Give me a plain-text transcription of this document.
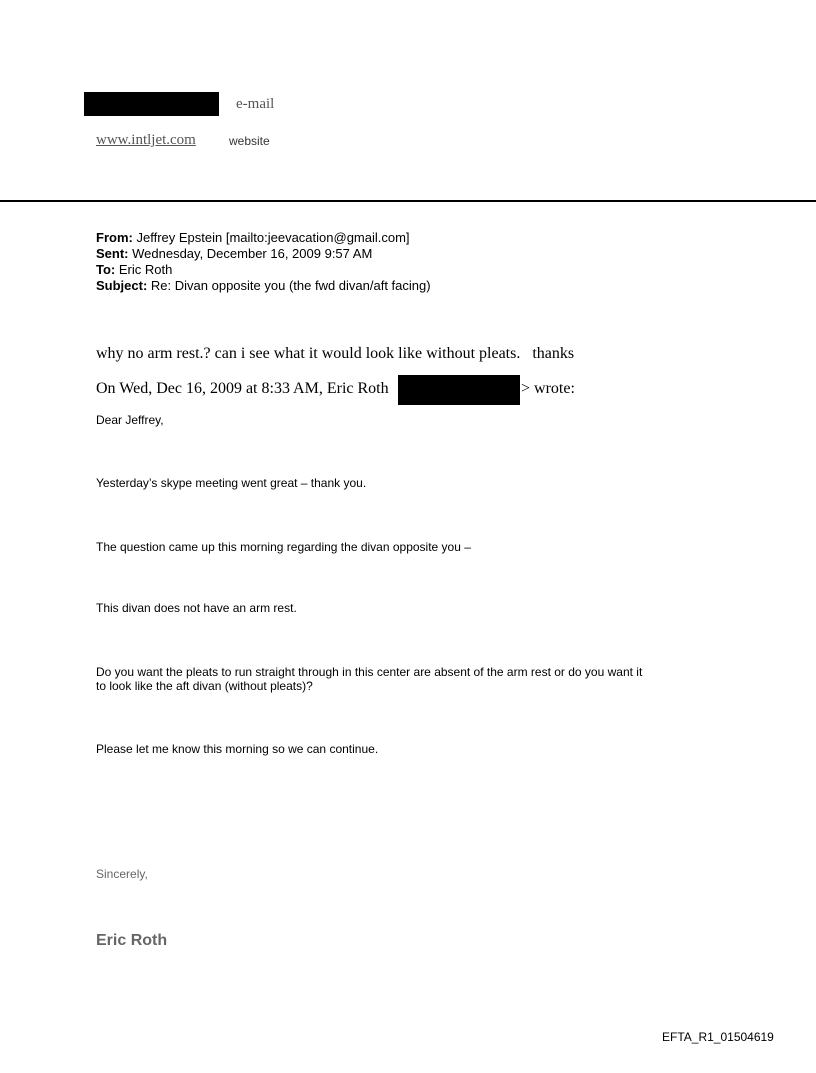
e-mail
www.intljet.com	website
From: Jeffrey Epstein [mailto:jeevacation@gmail.com]
Sent: Wednesday, December 16, 2009 9:57 AM
To: Eric Roth
Subject: Re: Divan opposite you (the fwd divan/aft facing)
why no arm rest.? can i see what it would look like without pleats.   thanks
On Wed, Dec 16, 2009 at 8:33 AM, Eric Roth	> wrote:
Dear Jeffrey,
Yesterday’s skype meeting went great – thank you.
The question came up this morning regarding the divan opposite you –
This divan does not have an arm rest.
Do you want the pleats to run straight through in this center are absent of the arm rest or do you want it
to look like the aft divan (without pleats)?
Please let me know this morning so we can continue.
Sincerely,
Eric Roth
EFTA_R1_01504619
